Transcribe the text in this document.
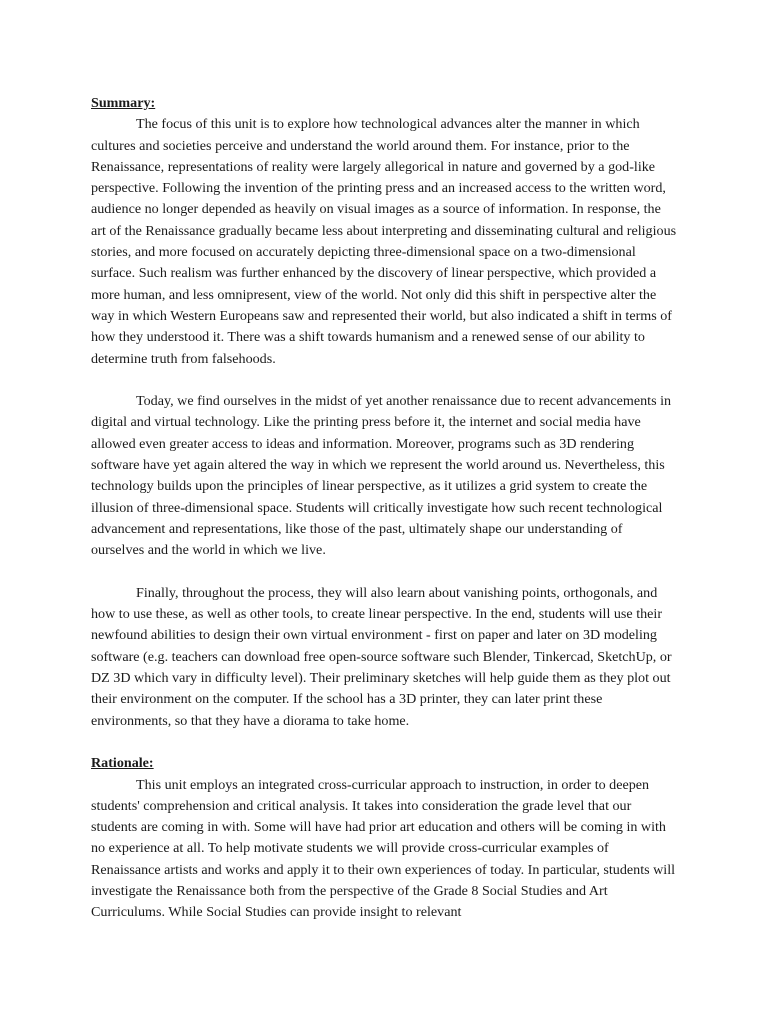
Summary:

The focus of this unit is to explore how technological advances alter the manner in which cultures and societies perceive and understand the world around them. For instance, prior to the Renaissance, representations of reality were largely allegorical in nature and governed by a god-like perspective. Following the invention of the printing press and an increased access to the written word, audience no longer depended as heavily on visual images as a source of information. In response, the art of the Renaissance gradually became less about interpreting and disseminating cultural and religious stories, and more focused on accurately depicting three-dimensional space on a two-dimensional surface. Such realism was further enhanced by the discovery of linear perspective, which provided a more human, and less omnipresent, view of the world. Not only did this shift in perspective alter the way in which Western Europeans saw and represented their world, but also indicated a shift in terms of how they understood it. There was a shift towards humanism and a renewed sense of our ability to determine truth from falsehoods.

Today, we find ourselves in the midst of yet another renaissance due to recent advancements in digital and virtual technology. Like the printing press before it, the internet and social media have allowed even greater access to ideas and information. Moreover, programs such as 3D rendering software have yet again altered the way in which we represent the world around us. Nevertheless, this technology builds upon the principles of linear perspective, as it utilizes a grid system to create the illusion of three-dimensional space. Students will critically investigate how such recent technological advancement and representations, like those of the past, ultimately shape our understanding of ourselves and the world in which we live.

Finally, throughout the process, they will also learn about vanishing points, orthogonals, and how to use these, as well as other tools, to create linear perspective. In the end, students will use their newfound abilities to design their own virtual environment - first on paper and later on 3D modeling software (e.g. teachers can download free open-source software such Blender, Tinkercad, SketchUp, or DZ 3D which vary in difficulty level). Their preliminary sketches will help guide them as they plot out their environment on the computer. If the school has a 3D printer, they can later print these environments, so that they have a diorama to take home.

Rationale:

This unit employs an integrated cross-curricular approach to instruction, in order to deepen students' comprehension and critical analysis. It takes into consideration the grade level that our students are coming in with. Some will have had prior art education and others will be coming in with no experience at all. To help motivate students we will provide cross-curricular examples of Renaissance artists and works and apply it to their own experiences of today. In particular, students will investigate the Renaissance both from the perspective of the Grade 8 Social Studies and Art Curriculums. While Social Studies can provide insight to relevant
